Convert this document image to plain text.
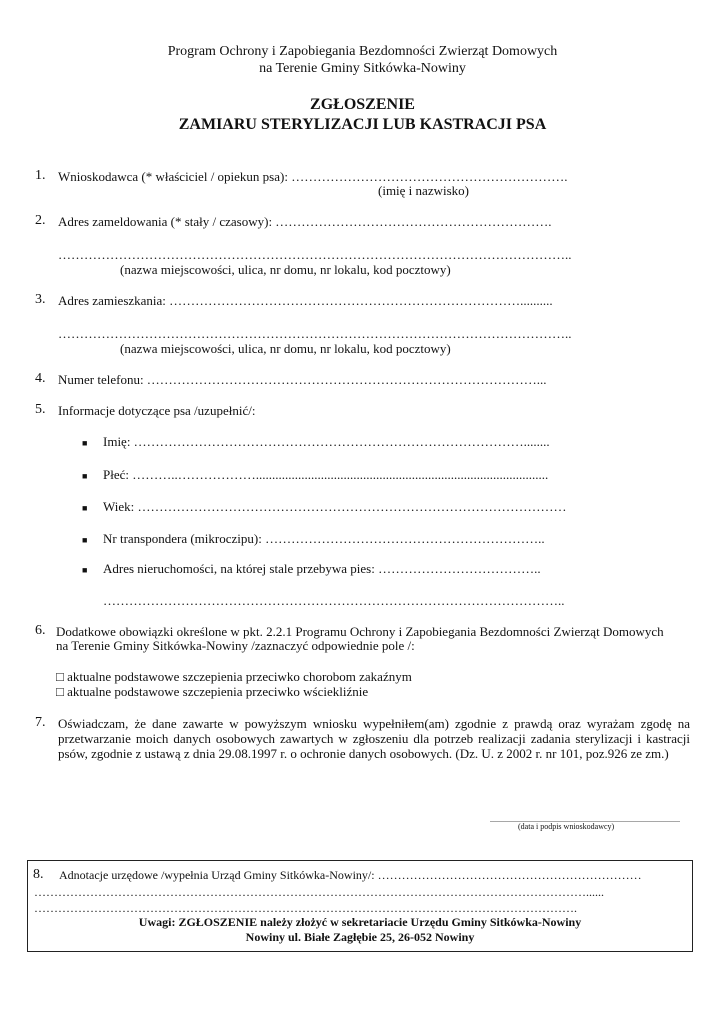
Program Ochrony i Zapobiegania Bezdomności Zwierząt Domowych
na Terenie Gminy Sitkówka-Nowiny
ZGŁOSZENIE
ZAMIARU STERYLIZACJI LUB KASTRACJI PSA
1. Wnioskodawca (* właściciel / opiekun psa): ……………………………………………………….
(imię i nazwisko)
2. Adres zameldowania (* stały / czasowy): ……………………………………………………….
………………………………………………………………………………………………………..
(nazwa miejscowości, ulica, nr domu, nr lokalu, kod pocztowy)
3. Adres zamieszkania: ………………………………………………………………………..........
………………………………………………………………………………………………………..
(nazwa miejscowości, ulica, nr domu, nr lokalu, kod pocztowy)
4. Numer telefonu: ………………………………………………………………………………...
5. Informacje dotyczące psa /uzupełnić/:
■ Imię: ………………………………………………………………………………........
■ Płeć: ………..………………..........................................................................................
■ Wiek: ………………………………………………………………………………………
■ Nr transpondera (mikroczipu): ………………………………………………………..
■ Adres nieruchomości, na której stale przebywa pies: ………………………………..
……………………………………………………………………………………………..
6. Dodatkowe obowiązki określone w pkt. 2.2.1 Programu Ochrony i Zapobiegania Bezdomności Zwierząt Domowych
na Terenie Gminy Sitkówka-Nowiny /zaznaczyć odpowiednie pole /:
□ aktualne podstawowe szczepienia przeciwko chorobom zakaźnym
□ aktualne podstawowe szczepienia przeciwko wściekliźnie
7. Oświadczam, że dane zawarte w powyższym wniosku wypełniłem(am) zgodnie z prawdą oraz wyrażam zgodę na przetwarzanie moich danych osobowych zawartych w zgłoszeniu dla potrzeb realizacji zadania sterylizacji i kastracji psów, zgodnie z ustawą z dnia 29.08.1997 r. o ochronie danych osobowych. (Dz. U. z 2002 r. nr 101, poz.926 ze zm.)
...............................................................................................
(data i podpis wnioskodawcy)
8. Adnotacje urzędowe /wypełnia Urząd Gminy Sitkówka-Nowiny/: …………………………………………………………
…………………………………………………………………………………………………………………………......
……………………………………………………………………………………………………………………….
Uwagi: ZGŁOSZENIE należy złożyć w sekretariacie Urzędu Gminy Sitkówka-Nowiny
Nowiny ul. Białe Zagłębie 25, 26-052 Nowiny
